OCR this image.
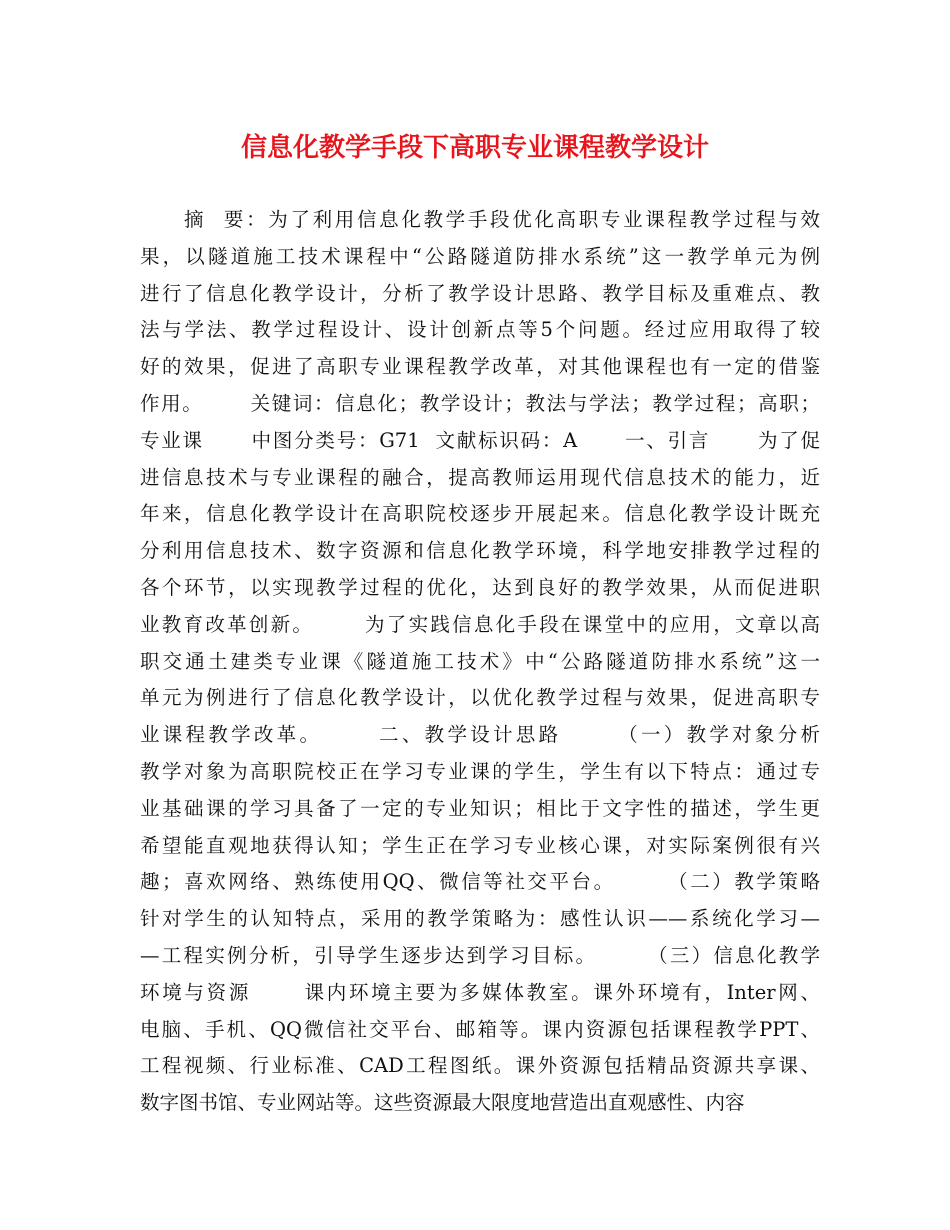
信息化教学手段下高职专业课程教学设计
摘  要：为了利用信息化教学手段优化高职专业课程教学过程与效
果，以隧道施工技术课程中“公路隧道防排水系统”这一教学单元为例
进行了信息化教学设计，分析了教学设计思路、教学目标及重难点、教
法与学法、教学过程设计、设计创新点等5个问题。经过应用取得了较
好的效果，促进了高职专业课程教学改革，对其他课程也有一定的借鉴
作用。      关键词：信息化；教学设计；教法与学法；教学过程；高职；
专业课      中图分类号：G71  文献标识码：A      一、引言      为了促
进信息技术与专业课程的融合，提高教师运用现代信息技术的能力，近
年来，信息化教学设计在高职院校逐步开展起来。信息化教学设计既充
分利用信息技术、数字资源和信息化教学环境，科学地安排教学过程的
各个环节，以实现教学过程的优化，达到良好的教学效果，从而促进职
业教育改革创新。      为了实践信息化手段在课堂中的应用，文章以高
职交通土建类专业课《隧道施工技术》中“公路隧道防排水系统”这一
单元为例进行了信息化教学设计，以优化教学过程与效果，促进高职专
业课程教学改革。      二、教学设计思路      （一）教学对象分析
教学对象为高职院校正在学习专业课的学生，学生有以下特点：通过专
业基础课的学习具备了一定的专业知识；相比于文字性的描述，学生更
希望能直观地获得认知；学生正在学习专业核心课，对实际案例很有兴
趣；喜欢网络、熟练使用QQ、微信等社交平台。      （二）教学策略
针对学生的认知特点，采用的教学策略为：感性认识——系统化学习—
—工程实例分析，引导学生逐步达到学习目标。      （三）信息化教学
环境与资源      课内环境主要为多媒体教室。课外环境有，Inter网、
电脑、手机、QQ微信社交平台、邮箱等。课内资源包括课程教学PPT、
工程视频、行业标准、CAD工程图纸。课外资源包括精品资源共享课、
数字图书馆、专业网站等。这些资源最大限度地营造出直观感性、内容
